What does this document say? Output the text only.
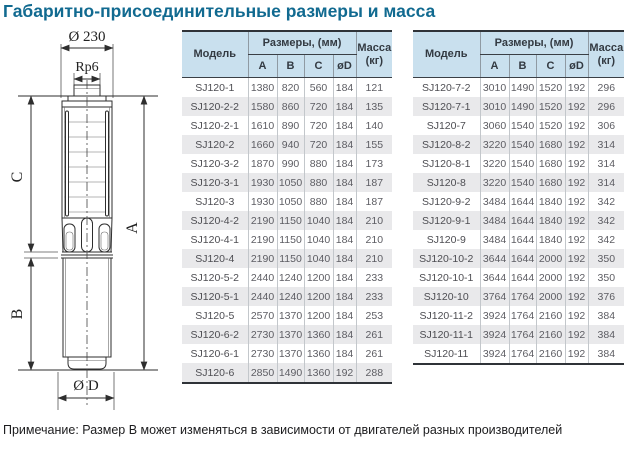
Габаритно-присоединительные размеры и масса
Ø 230
Rp6
C
B
A
Ø D
Модель	Размеры, (мм)				Масса
(кг)
	A	B	C	øD	
SJ120-1	1380	820	560	184	121
SJ120-2-2	1580	860	720	184	135
SJ120-2-1	1610	890	720	184	140
SJ120-2	1660	940	720	184	155
SJ120-3-2	1870	990	880	184	173
SJ120-3-1	1930	1050	880	184	187
SJ120-3	1930	1050	880	184	187
SJ120-4-2	2190	1150	1040	184	210
SJ120-4-1	2190	1150	1040	184	210
SJ120-4	2190	1150	1040	184	210
SJ120-5-2	2440	1240	1200	184	233
SJ120-5-1	2440	1240	1200	184	233
SJ120-5	2570	1370	1200	184	253
SJ120-6-2	2730	1370	1360	184	261
SJ120-6-1	2730	1370	1360	184	261
SJ120-6	2850	1490	1360	192	288
Модель	Размеры, (мм)				Масса
(кг)
	A	B	C	øD	
SJ120-7-2	3010	1490	1520	192	296
SJ120-7-1	3010	1490	1520	192	296
SJ120-7	3060	1540	1520	192	306
SJ120-8-2	3220	1540	1680	192	314
SJ120-8-1	3220	1540	1680	192	314
SJ120-8	3220	1540	1680	192	314
SJ120-9-2	3484	1644	1840	192	342
SJ120-9-1	3484	1644	1840	192	342
SJ120-9	3484	1644	1840	192	342
SJ120-10-2	3644	1644	2000	192	350
SJ120-10-1	3644	1644	2000	192	350
SJ120-10	3764	1764	2000	192	376
SJ120-11-2	3924	1764	2160	192	384
SJ120-11-1	3924	1764	2160	192	384
SJ120-11	3924	1764	2160	192	384
Примечание: Размер В может изменяться в зависимости от двигателей разных производителей
